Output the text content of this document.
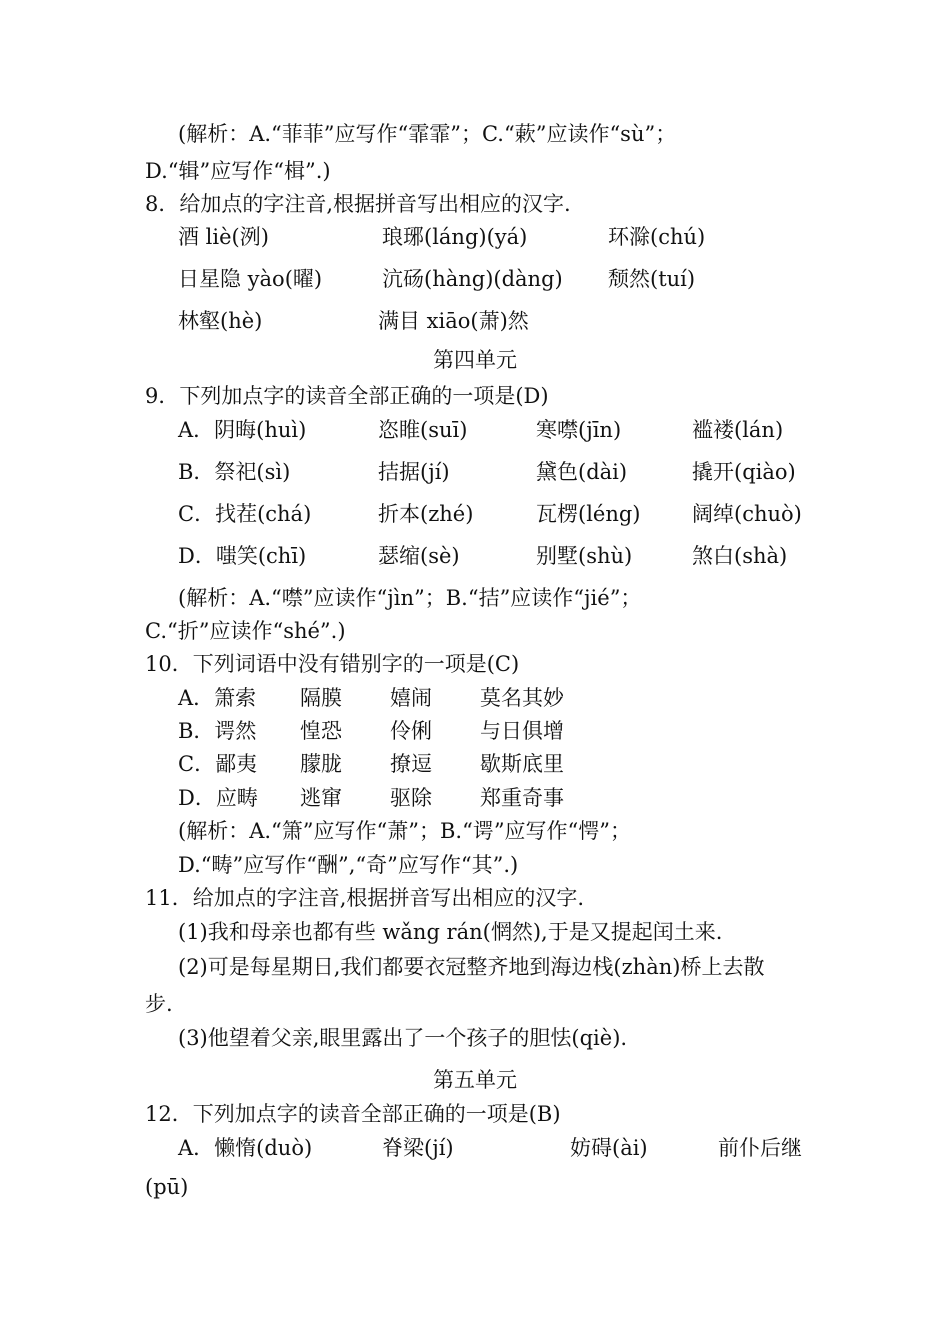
(解析：A.“菲菲”应写作“霏霏”；C.“蔌”应读作“sù”；
D.“辑”应写作“楫”.)
8．给加点的字注音,根据拼音写出相应的汉字.
酒 liè(洌)	琅琊(láng)(yá)	环滁(chú)
日星隐 yào(曜)	沆砀(hàng)(dàng) 颓然(tuí)
林壑(hè)	满目 xiāo(萧)然
第四单元
9．下列加点字的读音全部正确的一项是(D)
A．阴晦(huì)	恣睢(suī)	寒噤(jīn)	褴褛(lán)
B．祭祀(sì)	拮据(jí)	黛色(dài)	撬开(qiào)
C．找茬(chá)	折本(zhé)	瓦楞(léng) 阔绰(chuò)
D．嗤笑(chī)	瑟缩(sè)	别墅(shù)	煞白(shà)
(解析：A.“噤”应读作“jìn”；B.“拮”应读作“jié”；
C.“折”应读作“shé”.)
10．下列词语中没有错别字的一项是(C)
A．箫索 隔膜 嬉闹 莫名其妙
B．谔然 惶恐 伶俐 与日俱增
C．鄙夷 朦胧 撩逗 歇斯底里
D．应畴 逃窜 驱除 郑重奇事
(解析：A.“箫”应写作“萧”；B.“谔”应写作“愕”；
D.“畴”应写作“酬”,“奇”应写作“其”.)
11．给加点的字注音,根据拼音写出相应的汉字.
(1)我和母亲也都有些 wǎng rán(惘然),于是又提起闰土来.
(2)可是每星期日,我们都要衣冠整齐地到海边栈(zhàn)桥上去散
步.
(3)他望着父亲,眼里露出了一个孩子的胆怯(qiè).
第五单元
12．下列加点字的读音全部正确的一项是(B)
A．懒惰(duò)	脊梁(jí)	妨碍(ài)	前仆后继
(pū)
